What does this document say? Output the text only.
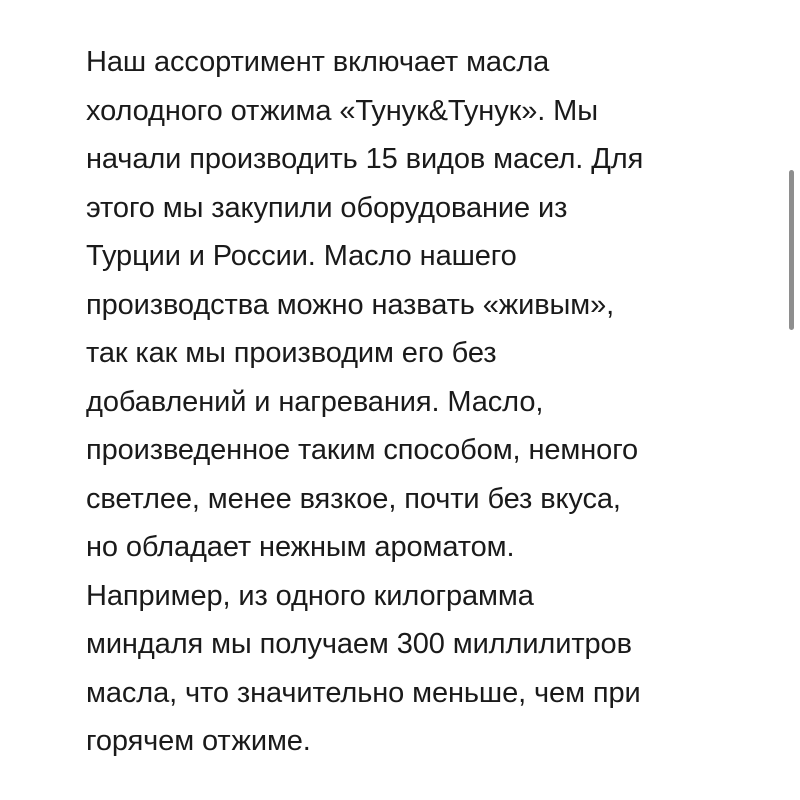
Наш ассортимент включает масла
холодного отжима «Тунук&Тунук». Мы
начали производить 15 видов масел. Для
этого мы закупили оборудование из
Турции и России. Масло нашего
производства можно назвать «живым»,
так как мы производим его без
добавлений и нагревания. Масло,
произведенное таким способом, немного
светлее, менее вязкое, почти без вкуса,
но обладает нежным ароматом.
Например, из одного килограмма
миндаля мы получаем 300 миллилитров
масла, что значительно меньше, чем при
горячем отжиме.
